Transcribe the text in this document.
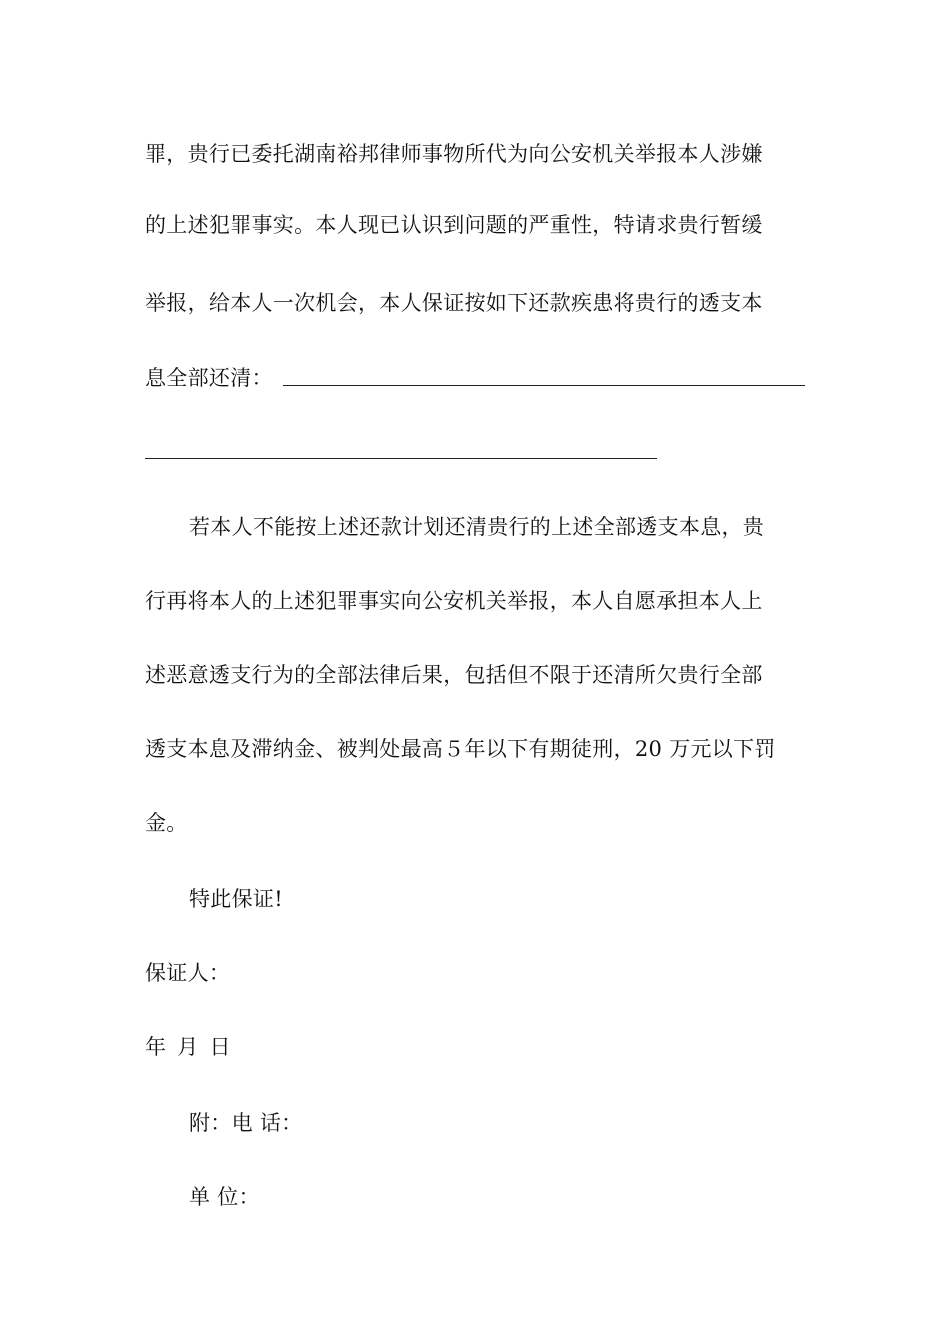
罪，贵行已委托湖南裕邦律师事物所代为向公安机关举报本人涉嫌
的上述犯罪事实。本人现已认识到问题的严重性，特请求贵行暂缓
举报，给本人一次机会，本人保证按如下还款疾患将贵行的透支本
息全部还清：
若本人不能按上述还款计划还清贵行的上述全部透支本息，贵
行再将本人的上述犯罪事实向公安机关举报，本人自愿承担本人上
述恶意透支行为的全部法律后果，包括但不限于还清所欠贵行全部
透支本息及滞纳金、被判处最高５年以下有期徒刑，20 万元以下罚
金。
特此保证!
保证人：
年 月 日
附：电 话：
单 位：
